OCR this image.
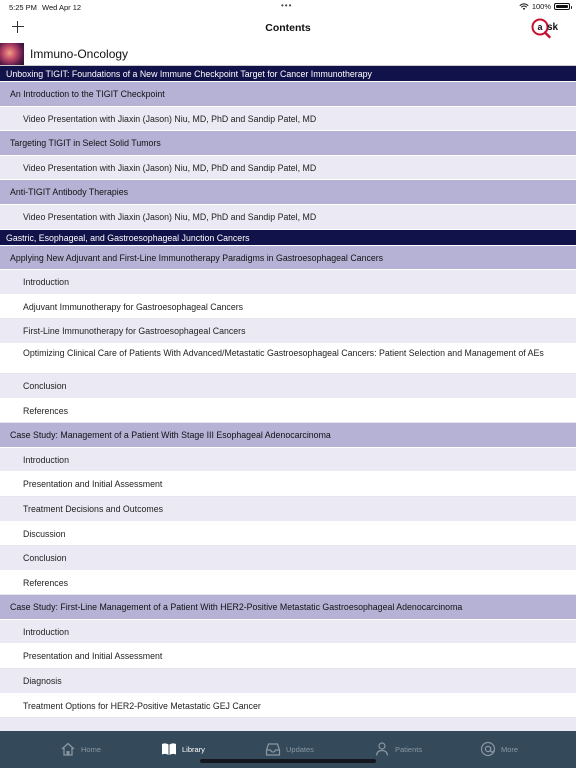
5:25 PM Wed Apr 12	•••	100%
Contents	a sk
Immuno-Oncology
Unboxing TIGIT: Foundations of a New Immune Checkpoint Target for Cancer Immunotherapy
An Introduction to the TIGIT Checkpoint
Video Presentation with Jiaxin (Jason) Niu, MD, PhD and Sandip Patel, MD
Targeting TIGIT in Select Solid Tumors
Video Presentation with Jiaxin (Jason) Niu, MD, PhD and Sandip Patel, MD
Anti-TIGIT Antibody Therapies
Video Presentation with Jiaxin (Jason) Niu, MD, PhD and Sandip Patel, MD
Gastric, Esophageal, and Gastroesophageal Junction Cancers
Applying New Adjuvant and First-Line Immunotherapy Paradigms in Gastroesophageal Cancers
Introduction
Adjuvant Immunotherapy for Gastroesophageal Cancers
First-Line Immunotherapy for Gastroesophageal Cancers
Optimizing Clinical Care of Patients With Advanced/Metastatic Gastroesophageal Cancers: Patient Selection and Management of AEs
Conclusion
References
Case Study: Management of a Patient With Stage III Esophageal Adenocarcinoma
Introduction
Presentation and Initial Assessment
Treatment Decisions and Outcomes
Discussion
Conclusion
References
Case Study: First-Line Management of a Patient With HER2-Positive Metastatic Gastroesophageal Adenocarcinoma
Introduction
Presentation and Initial Assessment
Diagnosis
Treatment Options for HER2-Positive Metastatic GEJ Cancer
Home	Library	Updates	Patients	More
